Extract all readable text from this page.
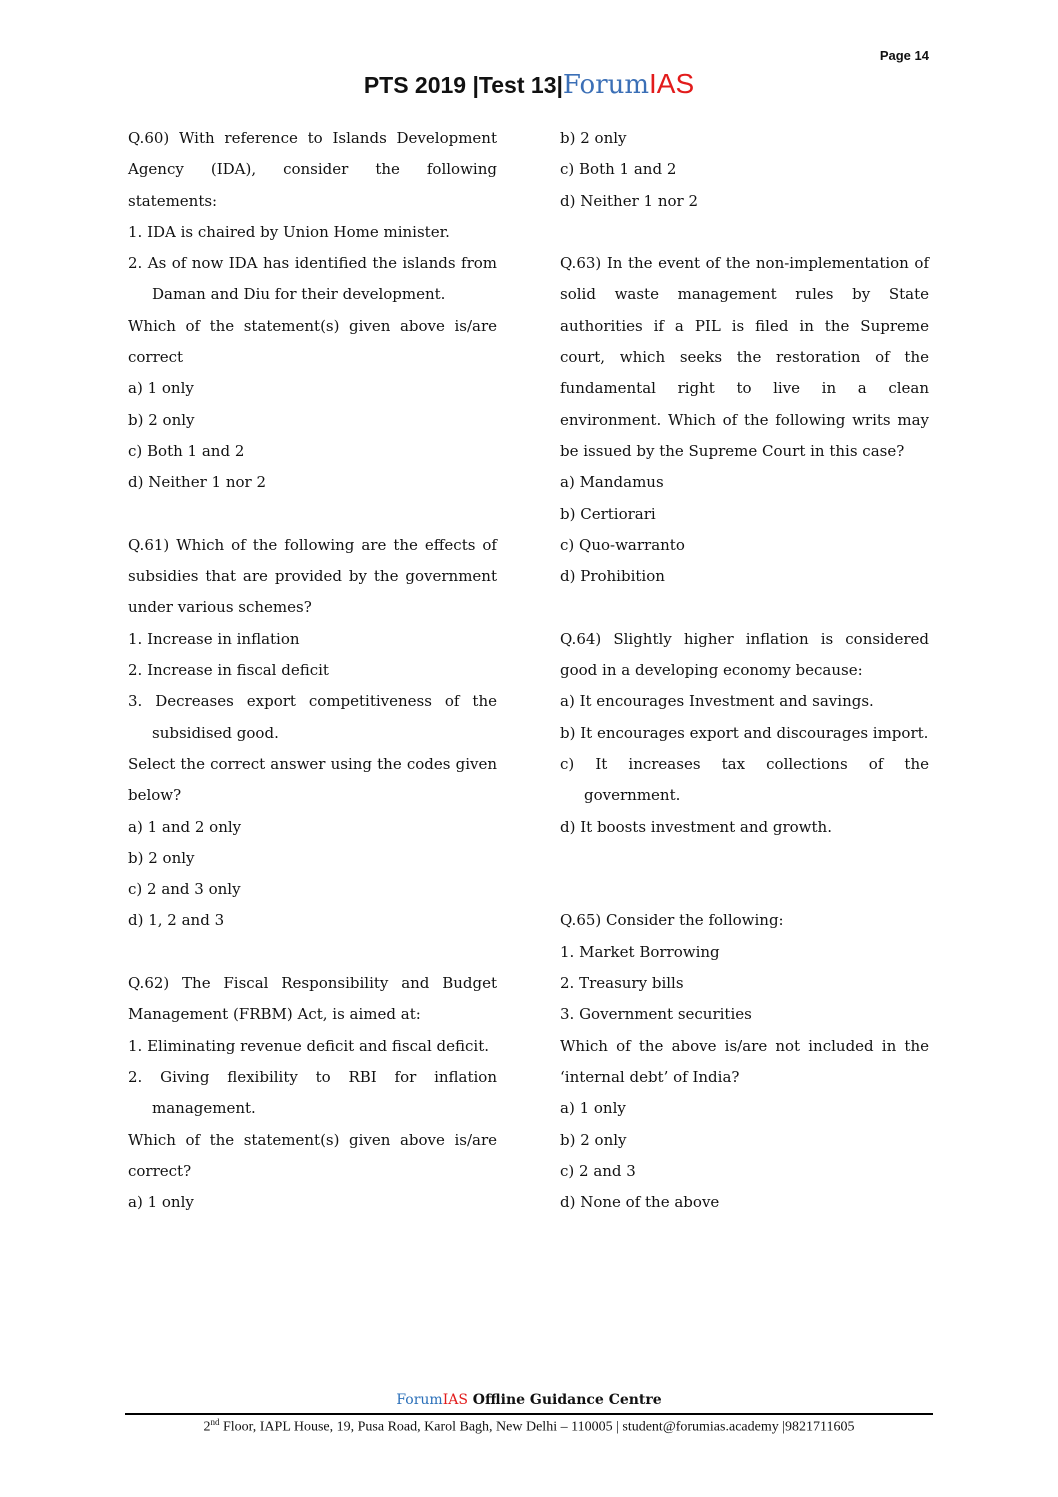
Page 14
PTS 2019 |Test 13|ForumIAS

Q.60) With reference to Islands Development Agency (IDA), consider the following statements:

1. IDA is chaired by Union Home minister.

2. As of now IDA has identified the islands from Daman and Diu for their development.

Which of the statement(s) given above is/are correct

a) 1 only

b) 2 only

c) Both 1 and 2

d) Neither 1 nor 2

Q.61) Which of the following are the effects of subsidies that are provided by the government under various schemes?

1. Increase in inflation

2. Increase in fiscal deficit

3. Decreases export competitiveness of the subsidised good.

Select the correct answer using the codes given below?

a) 1 and 2 only

b) 2 only

c) 2 and 3 only

d) 1, 2 and 3

Q.62) The Fiscal Responsibility and Budget Management (FRBM) Act, is aimed at:

1. Eliminating revenue deficit and fiscal deficit.

2. Giving flexibility to RBI for inflation management.

Which of the statement(s) given above is/are correct?

a) 1 only

b) 2 only

c) Both 1 and 2

d) Neither 1 nor 2

Q.63) In the event of the non-implementation of solid waste management rules by State authorities if a PIL is filed in the Supreme court, which seeks the restoration of the fundamental right to live in a clean environment. Which of the following writs may be issued by the Supreme Court in this case?

a) Mandamus

b) Certiorari

c) Quo-warranto

d) Prohibition

Q.64) Slightly higher inflation is considered good in a developing economy because:

a) It encourages Investment and savings.

b) It encourages export and discourages import.

c) It increases tax collections of the government.

d) It boosts investment and growth.

Q.65) Consider the following:

1. Market Borrowing

2. Treasury bills

3. Government securities

Which of the above is/are not included in the ‘internal debt’ of India?

a) 1 only

b) 2 only

c) 2 and 3

d) None of the above

ForumIAS Offline Guidance Centre
2nd Floor, IAPL House, 19, Pusa Road, Karol Bagh, New Delhi – 110005 | student@forumias.academy |9821711605
